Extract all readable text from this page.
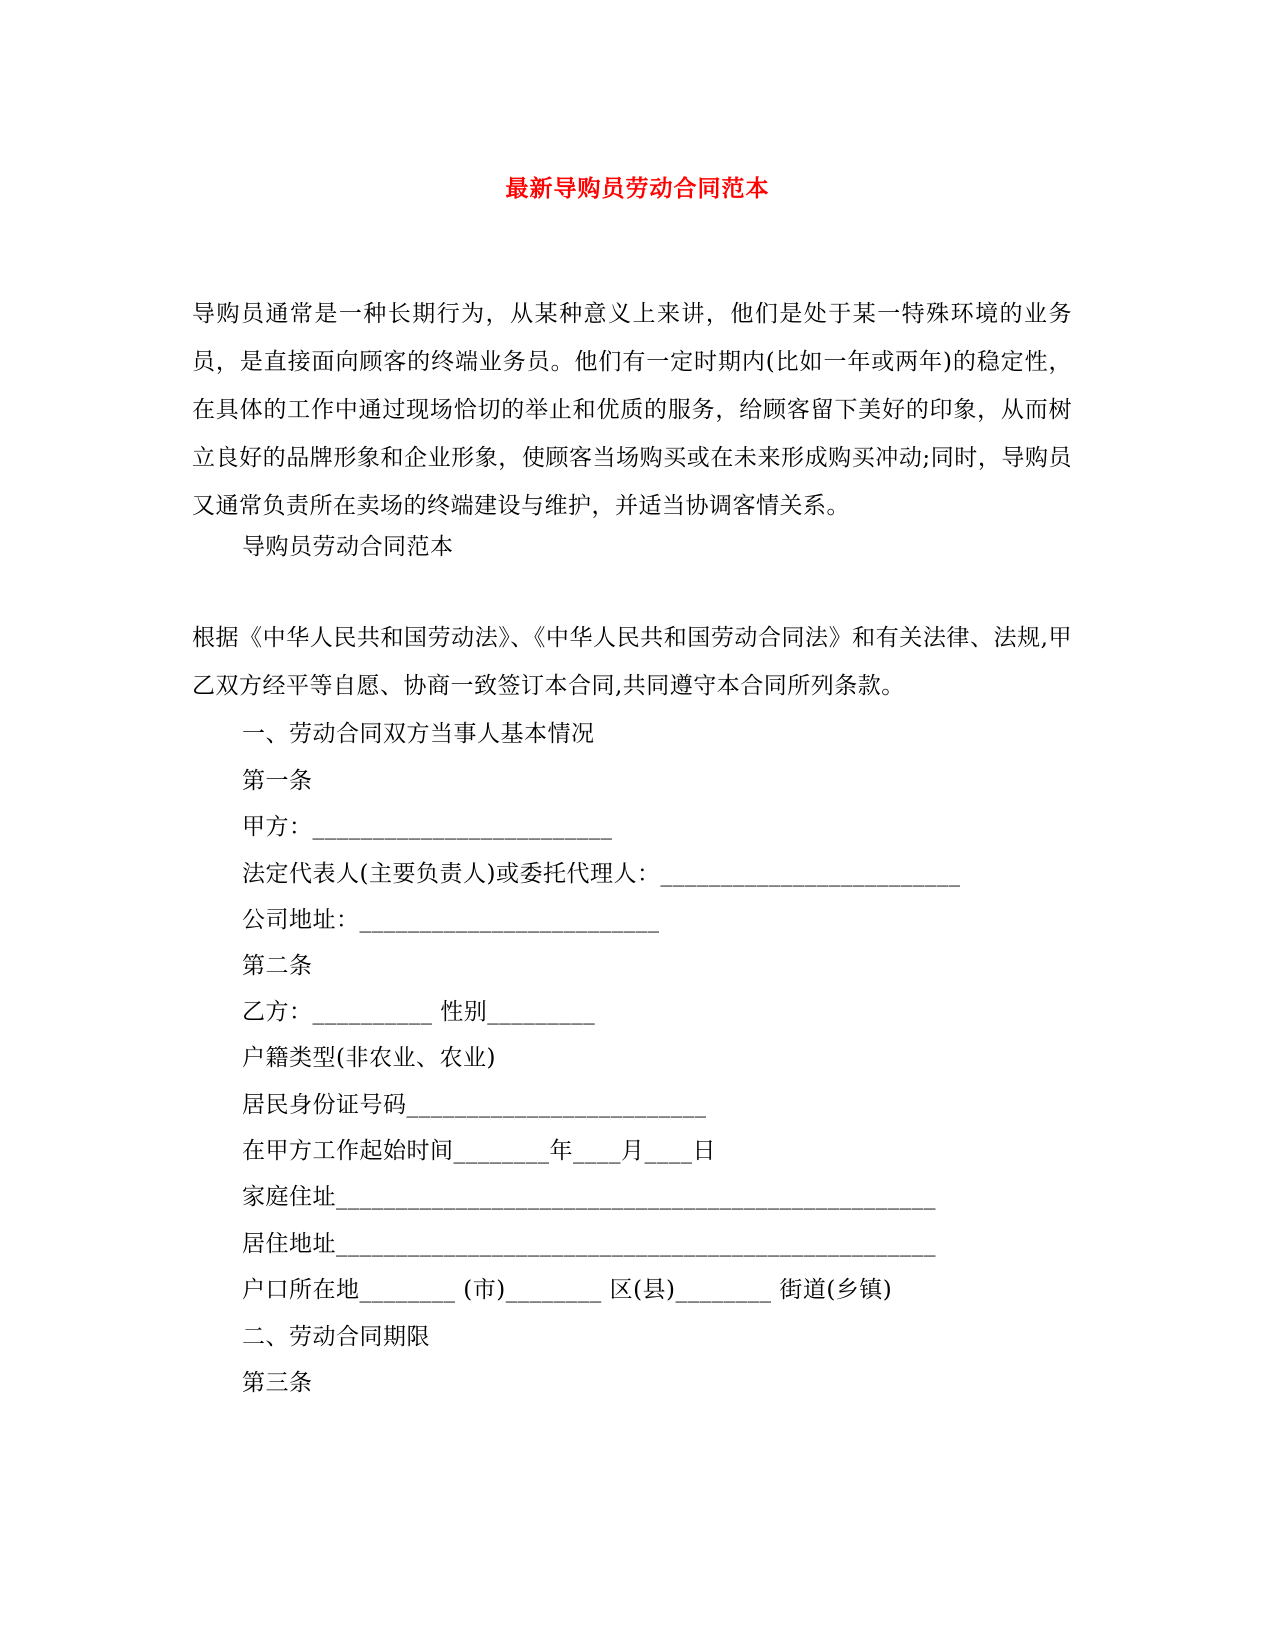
最新导购员劳动合同范本
导购员通常是一种长期行为，从某种意义上来讲，他们是处于某一特殊环境的业务员，是直接面向顾客的终端业务员。他们有一定时期内(比如一年或两年)的稳定性，在具体的工作中通过现场恰切的举止和优质的服务，给顾客留下美好的印象，从而树立良好的品牌形象和企业形象，使顾客当场购买或在未来形成购买冲动;同时，导购员又通常负责所在卖场的终端建设与维护，并适当协调客情关系。
导购员劳动合同范本
根据《中华人民共和国劳动法》、《中华人民共和国劳动合同法》和有关法律、法规,甲乙双方经平等自愿、协商一致签订本合同,共同遵守本合同所列条款。
一、劳动合同双方当事人基本情况
第一条
甲方：_________________________
法定代表人(主要负责人)或委托代理人：_________________________
公司地址：_________________________
第二条
乙方：__________ 性别_________
户籍类型(非农业、农业)
居民身份证号码_________________________
在甲方工作起始时间________年____月____日
家庭住址__________________________________________________
居住地址__________________________________________________
户口所在地________ (市)________ 区(县)________ 街道(乡镇)
二、劳动合同期限
第三条
